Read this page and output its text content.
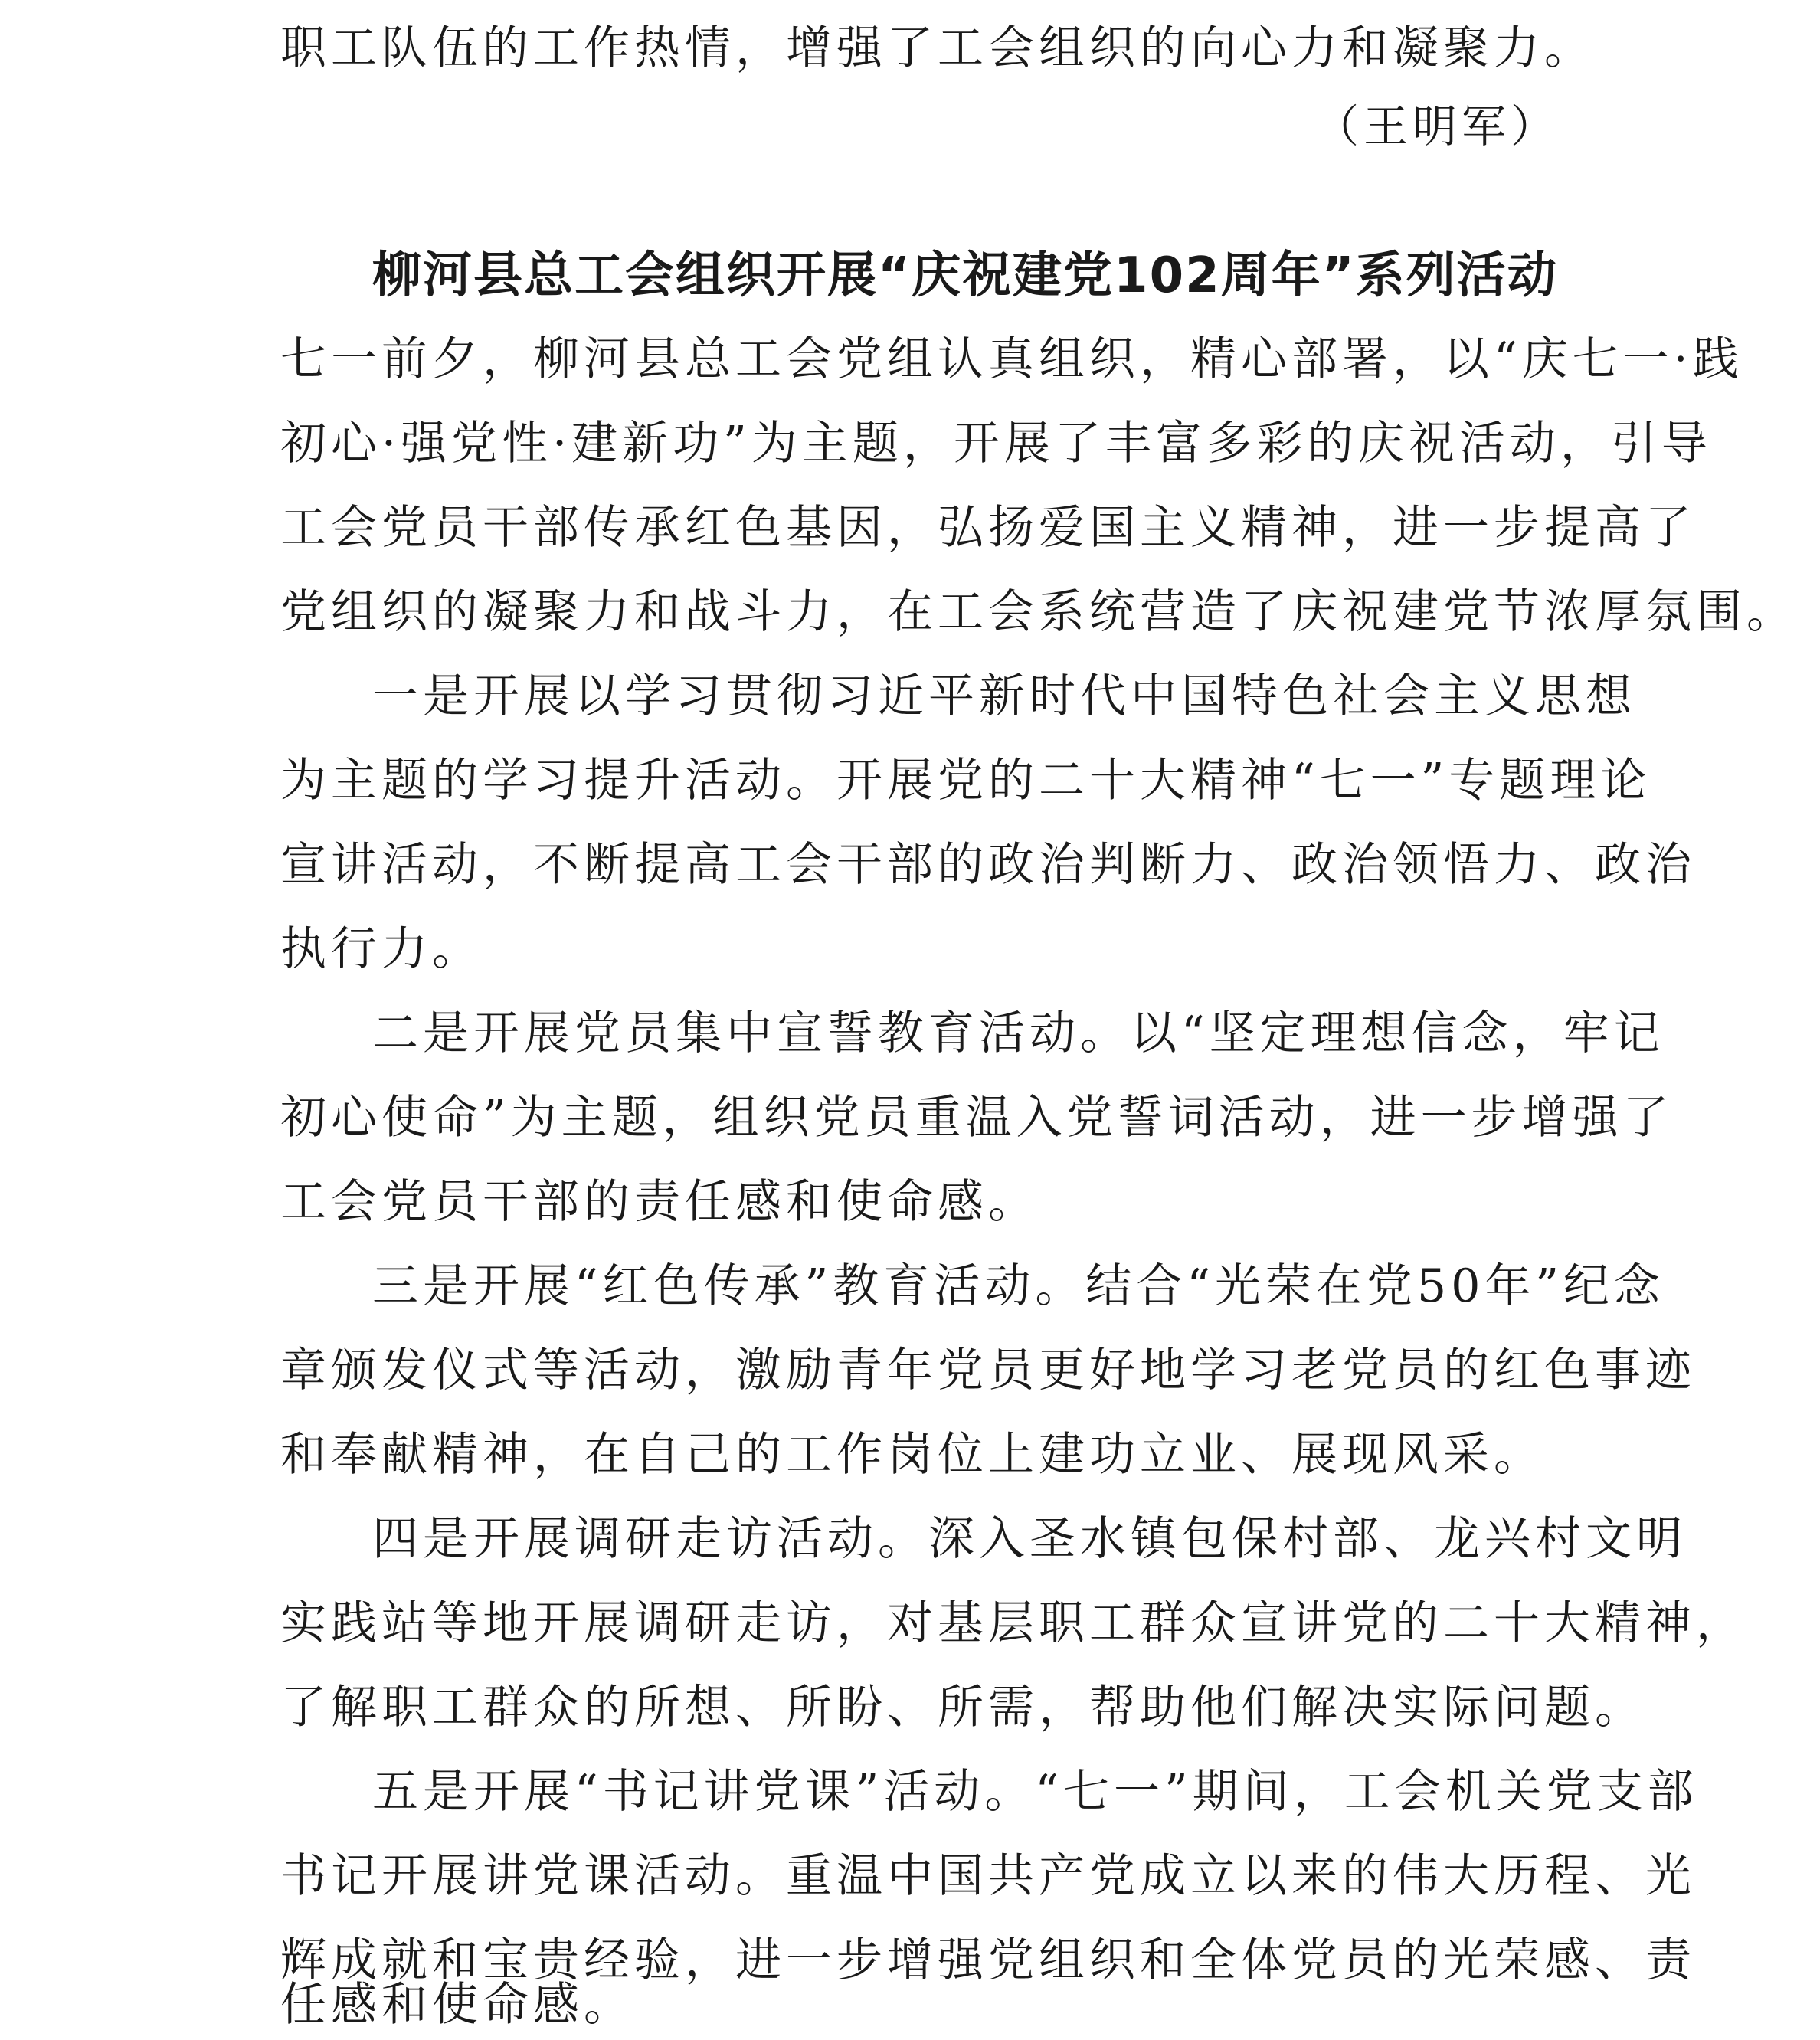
职工队伍的工作热情，增强了工会组织的向心力和凝聚力。
（王明军）
柳河县总工会组织开展“庆祝建党102周年”系列活动
七一前夕，柳河县总工会党组认真组织，精心部署，以“庆七一·践
初心·强党性·建新功”为主题，开展了丰富多彩的庆祝活动，引导
工会党员干部传承红色基因，弘扬爱国主义精神，进一步提高了
党组织的凝聚力和战斗力，在工会系统营造了庆祝建党节浓厚氛围。
一是开展以学习贯彻习近平新时代中国特色社会主义思想
为主题的学习提升活动。开展党的二十大精神“七一”专题理论
宣讲活动，不断提高工会干部的政治判断力、政治领悟力、政治
执行力。
二是开展党员集中宣誓教育活动。以“坚定理想信念，牢记
初心使命”为主题，组织党员重温入党誓词活动，进一步增强了
工会党员干部的责任感和使命感。
三是开展“红色传承”教育活动。结合“光荣在党50年”纪念
章颁发仪式等活动，激励青年党员更好地学习老党员的红色事迹
和奉献精神，在自己的工作岗位上建功立业、展现风采。
四是开展调研走访活动。深入圣水镇包保村部、龙兴村文明
实践站等地开展调研走访，对基层职工群众宣讲党的二十大精神，
了解职工群众的所想、所盼、所需，帮助他们解决实际问题。
五是开展“书记讲党课”活动。“七一”期间，工会机关党支部
书记开展讲党课活动。重温中国共产党成立以来的伟大历程、光
辉成就和宝贵经验，进一步增强党组织和全体党员的光荣感、责
任感和使命感。
